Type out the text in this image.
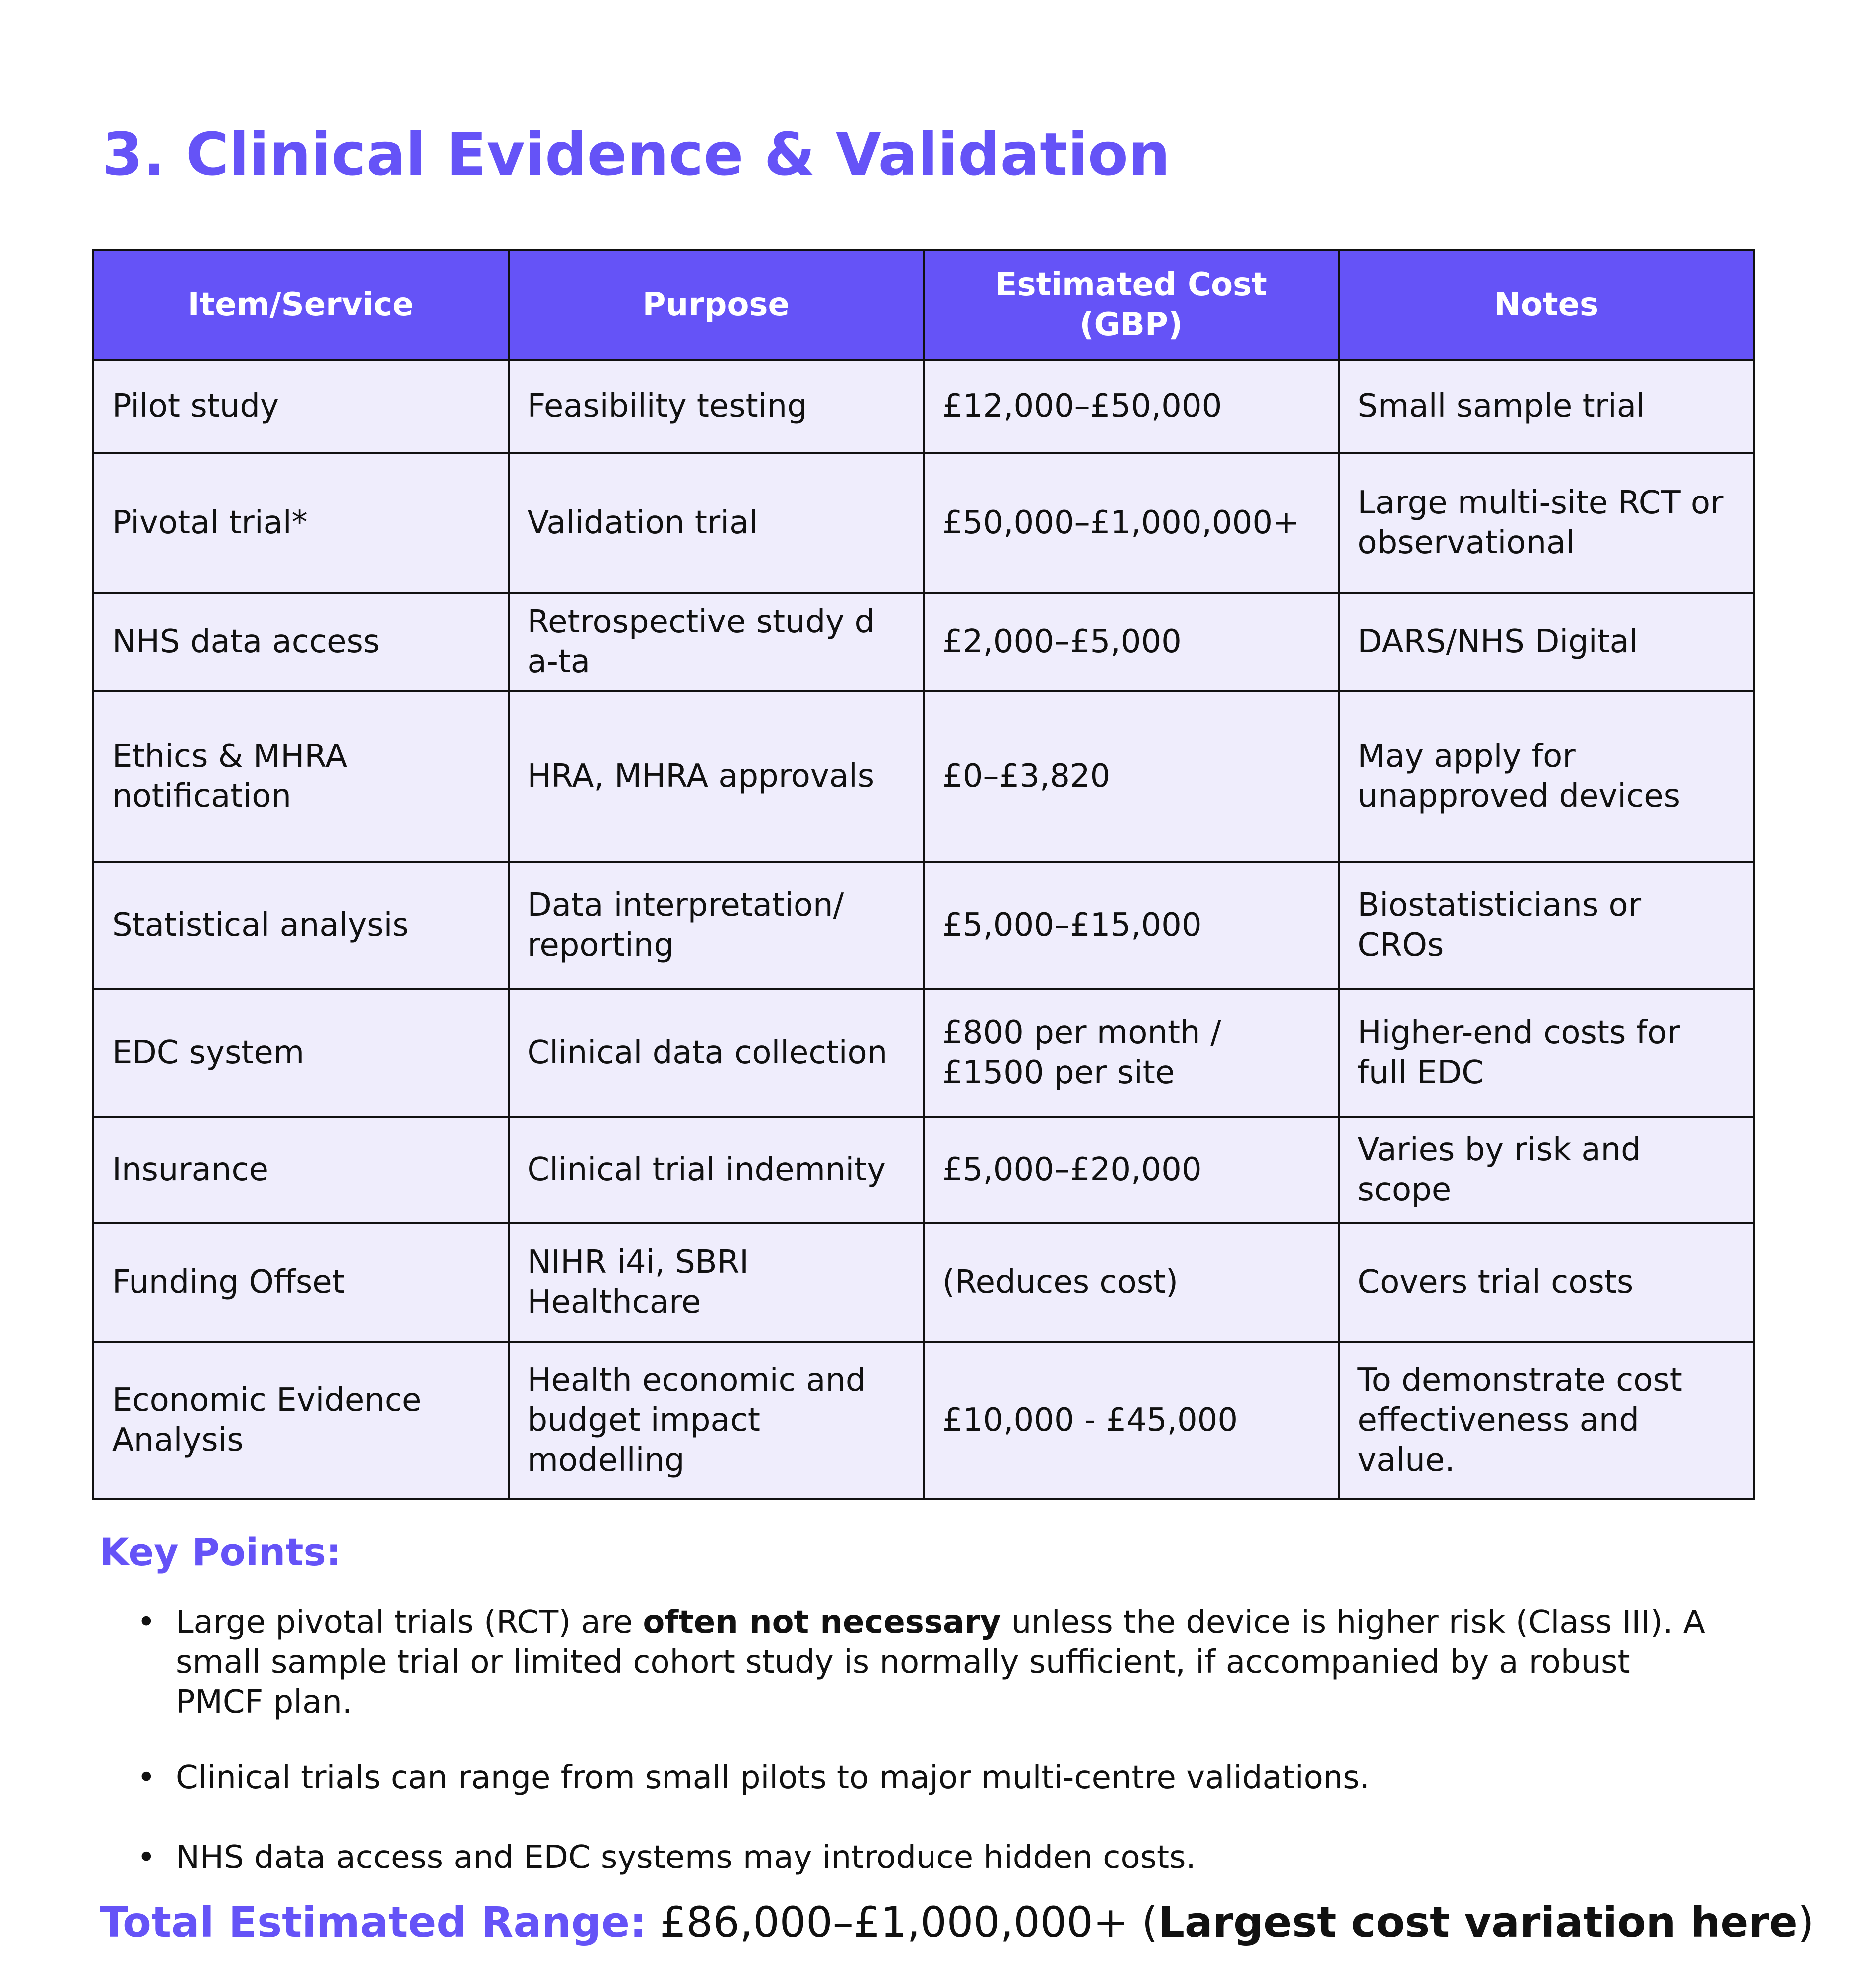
3. Clinical Evidence & Validation
Item/Service	Purpose	Estimated Cost (GBP)	Notes
Pilot study	Feasibility testing	£12,000–£50,000	Small sample trial
Pivotal trial*	Validation trial	£50,000–£1,000,000+	Large multi-site RCT or observational
NHS data access	Retrospective study da-ta	£2,000–£5,000	DARS/NHS Digital
Ethics & MHRA notification	HRA, MHRA approvals	£0–£3,820	May apply for unapproved devices
Statistical analysis	Data interpretation/ reporting	£5,000–£15,000	Biostatisticians or CROs
EDC system	Clinical data collection	£800 per month / £1500 per site	Higher-end costs for full EDC
Insurance	Clinical trial indemnity	£5,000–£20,000	Varies by risk and scope
Funding Offset	NIHR i4i, SBRI Healthcare	(Reduces cost)	Covers trial costs
Economic Evidence Analysis	Health economic and budget impact modelling	£10,000 - £45,000	To demonstrate cost effectiveness and value.
Key Points:
• Large pivotal trials (RCT) are often not necessary unless the device is higher risk (Class III). A small sample trial or limited cohort study is normally sufficient, if accompanied by a robust PMCF plan.
• Clinical trials can range from small pilots to major multi-centre validations.
• NHS data access and EDC systems may introduce hidden costs.

Total Estimated Range: £86,000–£1,000,000+ (Largest cost variation here)
